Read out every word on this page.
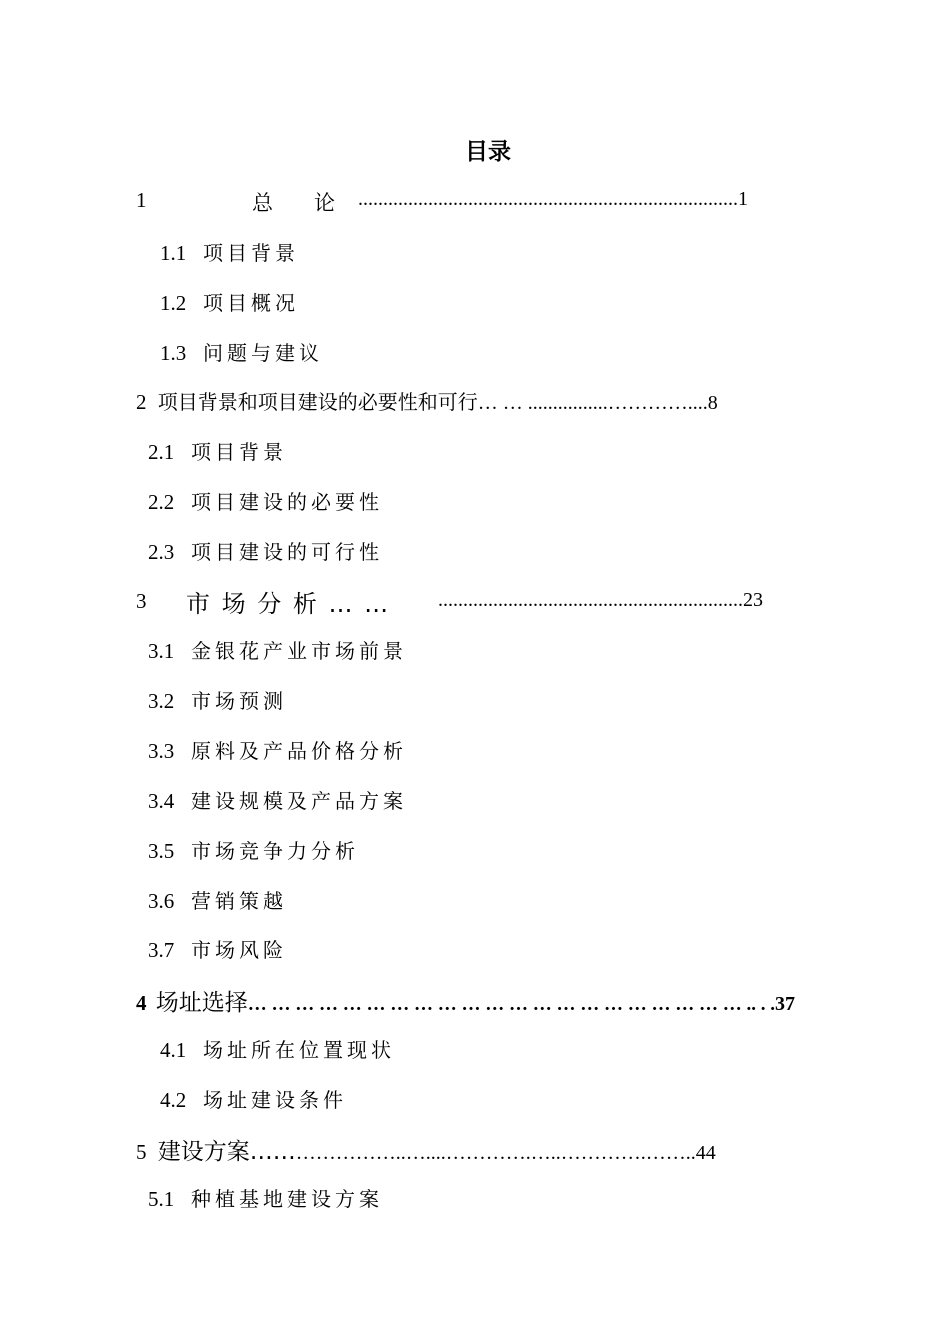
目录
1	总　论 ............................................................................1
1.1 项目背景
1.2 项目概况
1.3 问题与建议
2 项目背景和项目建设的必要性和可行… … ................…………....8
2.1 项目背景
2.2 项目建设的必要性
2.3 项目建设的可行性
3 市 场 分 析 … … .............................................................23
3.1 金银花产业市场前景
3.2 市场预测
3.3 原料及产品价格分析
3.4 建设规模及产品方案
3.5 市场竞争力分析
3.6 营销策越
3.7 市场风险
4 场址选择… … … … … … … … … … … … … … … … … … … … … .. . .37
4.1 场址所在位置现状
4.2 场址建设条件
5 建设方案…………………..…....………….…..………….……..44
5.1 种植基地建设方案
